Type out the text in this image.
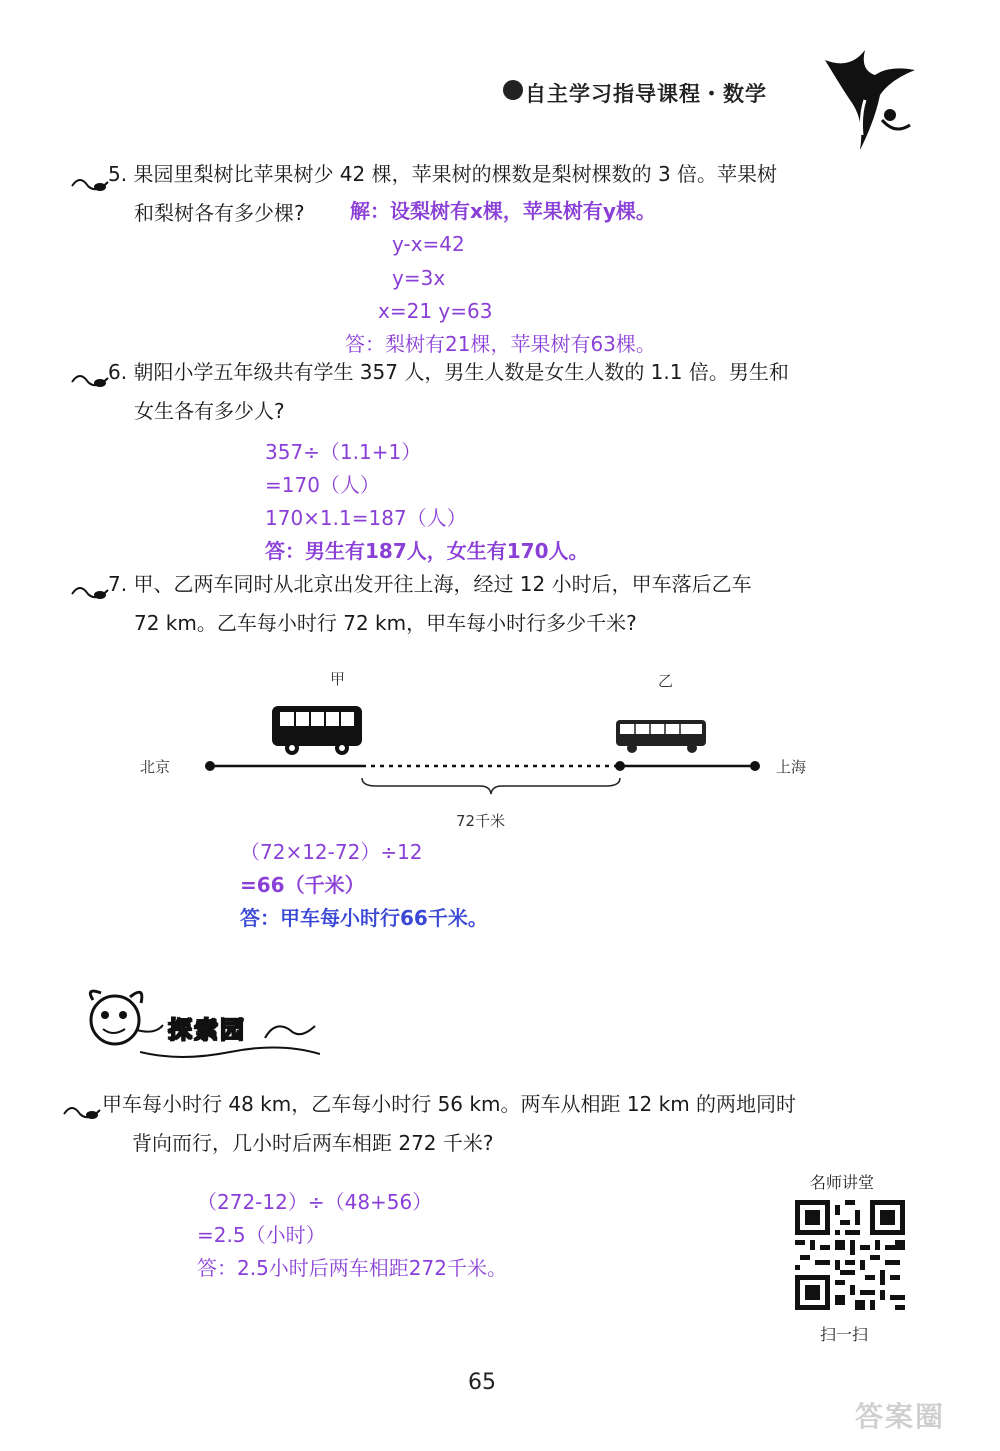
自主学习指导课程・数学
5. 果园里梨树比苹果树少 42 棵，苹果树的棵数是梨树棵数的 3 倍。苹果树
和梨树各有多少棵? 解：设梨树有x棵，苹果树有y棵。
y-x=42
y=3x
x=21 y=63
答：梨树有21棵，苹果树有63棵。
6. 朝阳小学五年级共有学生 357 人，男生人数是女生人数的 1.1 倍。男生和
女生各有多少人?
357÷（1.1+1）
=170（人）
170×1.1=187（人）
答：男生有187人，女生有170人。
7. 甲、乙两车同时从北京出发开往上海，经过 12 小时后，甲车落后乙车
72 km。乙车每小时行 72 km，甲车每小时行多少千米?
甲	乙
北京	上海
72千米
（72×12-72）÷12
=66（千米）
答：甲车每小时行66千米。
探索园
甲车每小时行 48 km，乙车每小时行 56 km。两车从相距 12 km 的两地同时
背向而行，几小时后两车相距 272 千米?
（272-12）÷（48+56）
=2.5（小时）
答：2.5小时后两车相距272千米。
名师讲堂
扫一扫
65
答案圈
